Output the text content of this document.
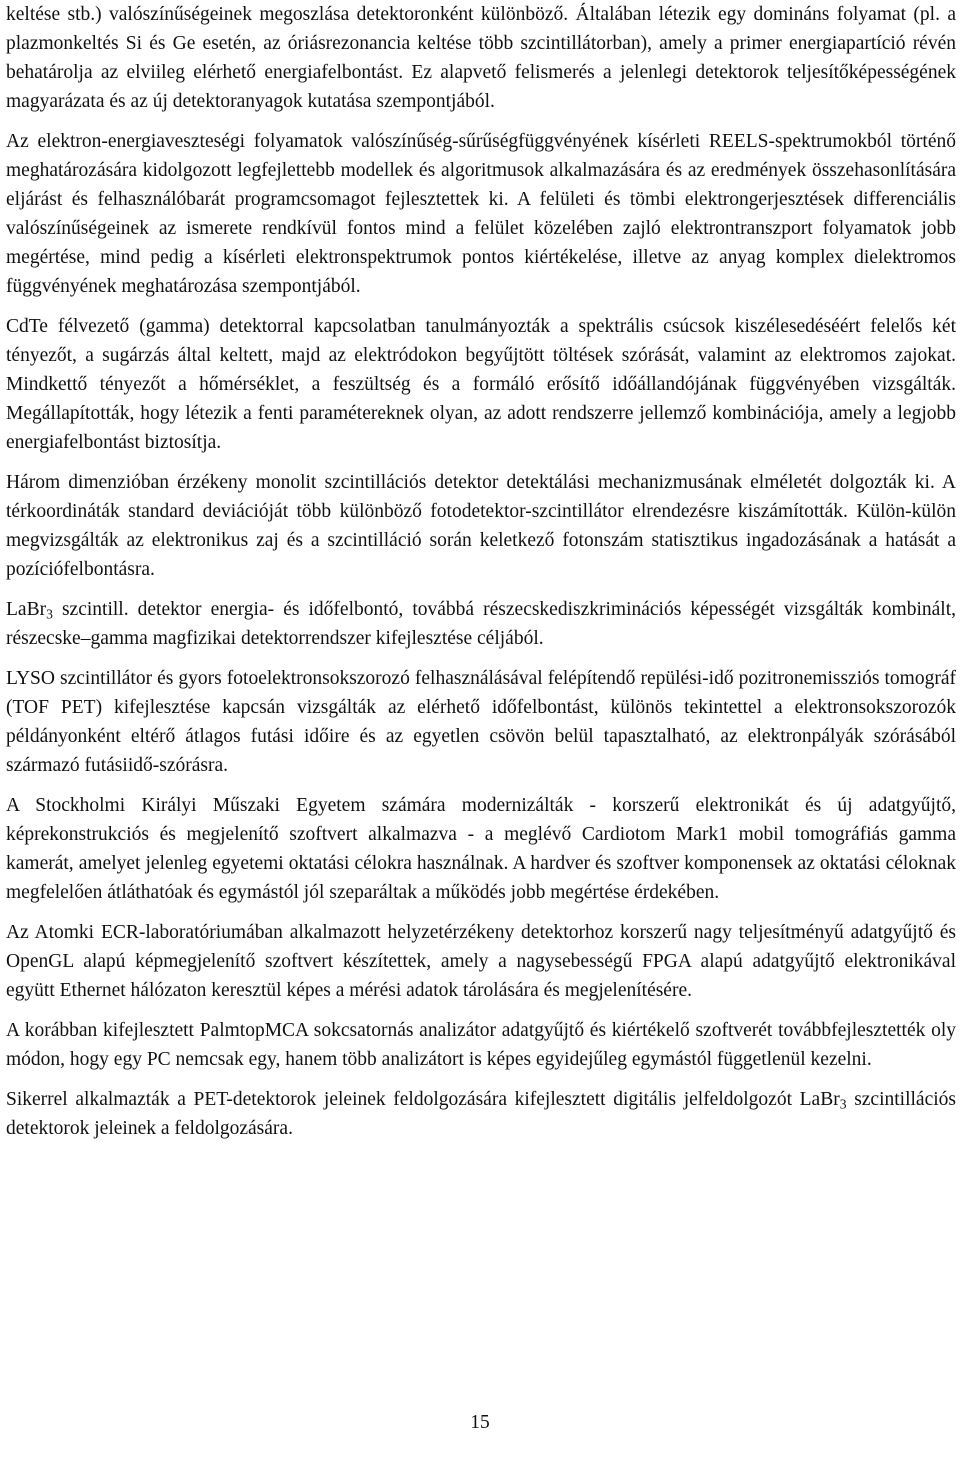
keltése stb.) valószínűségeinek megoszlása detektoronként különböző. Általában létezik egy domináns folyamat (pl. a plazmonkeltés Si és Ge esetén, az óriásrezonancia keltése több szcintillátorban), amely a primer energiapartíció révén behatárolja az elviileg elérhető energiafelbontást. Ez alapvető felismerés a jelenlegi detektorok teljesítőképességének magyarázata és az új detektoranyagok kutatása szempontjából.

Az elektron-energiaveszteségi folyamatok valószínűség-sűrűségfüggvényének kísérleti REELS-spektrumokból történő meghatározására kidolgozott legfejlettebb modellek és algoritmusok alkalmazására és az eredmények összehasonlítására eljárást és felhasználóbarát programcsomagot fejlesztettek ki. A felületi és tömbi elektrongerjesztések differenciális valószínűségeinek az ismerete rendkívül fontos mind a felület közelében zajló elektrontranszport folyamatok jobb megértése, mind pedig a kísérleti elektronspektrumok pontos kiértékelése, illetve az anyag komplex dielektromos függvényének meghatározása szempontjából.

CdTe félvezető (gamma) detektorral kapcsolatban tanulmányozták a spektrális csúcsok kiszélesedéséért felelős két tényezőt, a sugárzás által keltett, majd az elektródokon begyűjtött töltések szórását, valamint az elektromos zajokat. Mindkettő tényezőt a hőmérséklet, a feszültség és a formáló erősítő időállandójának függvényében vizsgálták. Megállapították, hogy létezik a fenti paramétereknek olyan, az adott rendszerre jellemző kombinációja, amely a legjobb energiafelbontást biztosítja.

Három dimenzióban érzékeny monolit szcintillációs detektor detektálási mechanizmusának elméletét dolgozták ki. A térkoordináták standard deviációját több különböző fotodetektor-szcintillátor elrendezésre kiszámították. Külön-külön megvizsgálták az elektronikus zaj és a szcintilláció során keletkező fotonszám statisztikus ingadozásának a hatását a pozíciófelbontásra.

LaBr$_3$ szcintill. detektor energia- és időfelbontó, továbbá részecskediszkriminációs képességét vizsgálták kombinált, részecske–gamma magfizikai detektorrendszer kifejlesztése céljából.

LYSO szcintillátor és gyors fotoelektronsokszorozó felhasználásával felépítendő repülési-idő pozitronemissziós tomográf (TOF PET) kifejlesztése kapcsán vizsgálták az elérhető időfelbontást, különös tekintettel a elektronsokszorozók példányonként eltérő átlagos futási időire és az egyetlen csövön belül tapasztalható, az elektronpályák szórásából származó futásiidő-szórásra.

A Stockholmi Királyi Műszaki Egyetem számára modernizálták - korszerű elektronikát és új adatgyűjtő, képrekonstrukciós és megjelenítő szoftvert alkalmazva - a meglévő Cardiotom Mark1 mobil tomográfiás gamma kamerát, amelyet jelenleg egyetemi oktatási célokra használnak. A hardver és szoftver komponensek az oktatási céloknak megfelelően átláthatóak és egymástól jól szeparáltak a működés jobb megértése érdekében.

Az Atomki ECR-laboratóriumában alkalmazott helyzetérzékeny detektorhoz korszerű nagy teljesítményű adatgyűjtő és OpenGL alapú képmegjelenítő szoftvert készítettek, amely a nagysebességű FPGA alapú adatgyűjtő elektronikával együtt Ethernet hálózaton keresztül képes a mérési adatok tárolására és megjelenítésére.

A korábban kifejlesztett PalmtopMCA sokcsatornás analizátor adatgyűjtő és kiértékelő szoftverét továbbfejlesztették oly módon, hogy egy PC nemcsak egy, hanem több analizátort is képes egyidejűleg egymástól függetlenül kezelni.

Sikerrel alkalmazták a PET-detektorok jeleinek feldolgozására kifejlesztett digitális jelfeldolgozót LaBr$_3$ szcintillációs detektorok jeleinek a feldolgozására.

15
